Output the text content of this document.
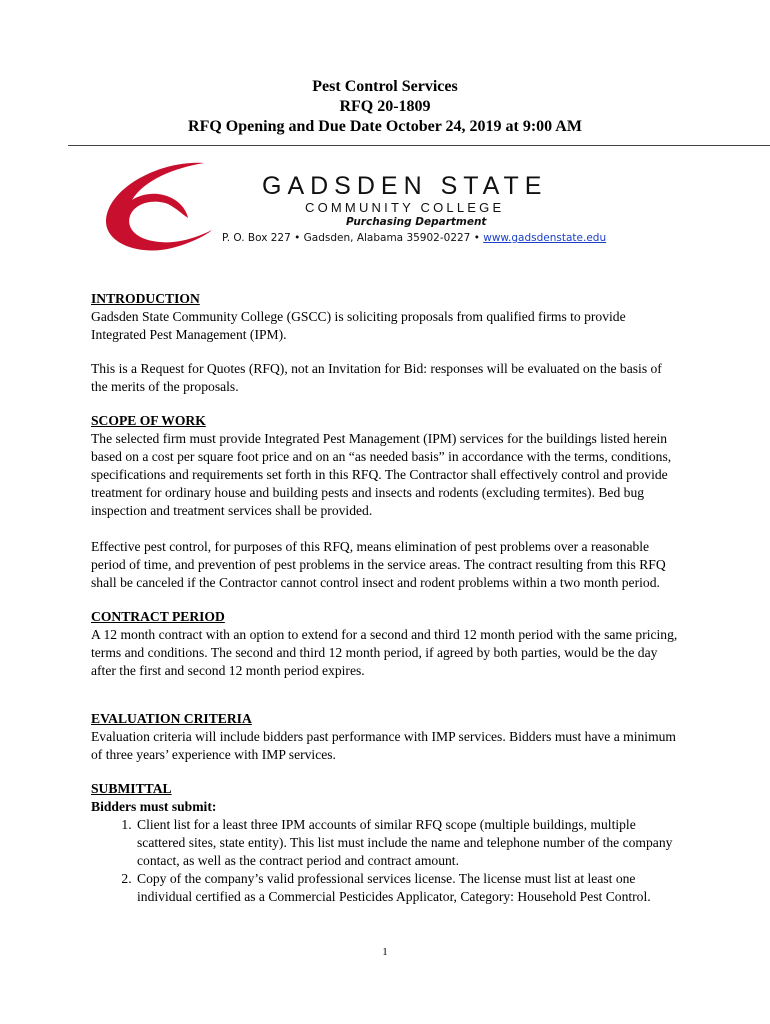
Pest Control Services
RFQ 20-1809
RFQ Opening and Due Date October 24, 2019 at 9:00 AM
GADSDEN STATE
COMMUNITY COLLEGE
Purchasing Department
P. O. Box 227 • Gadsden, Alabama 35902-0227 • www.gadsdenstate.edu
INTRODUCTION

Gadsden State Community College (GSCC) is soliciting proposals from qualified firms to provide Integrated Pest Management (IPM).

This is a Request for Quotes (RFQ), not an Invitation for Bid: responses will be evaluated on the basis of the merits of the proposals.

SCOPE OF WORK

The selected firm must provide Integrated Pest Management (IPM) services for the buildings listed herein based on a cost per square foot price and on an “as needed basis” in accordance with the terms, conditions, specifications and requirements set forth in this RFQ. The Contractor shall effectively control and provide treatment for ordinary house and building pests and insects and rodents (excluding termites). Bed bug inspection and treatment services shall be provided.

Effective pest control, for purposes of this RFQ, means elimination of pest problems over a reasonable period of time, and prevention of pest problems in the service areas. The contract resulting from this RFQ shall be canceled if the Contractor cannot control insect and rodent problems within a two month period.

CONTRACT PERIOD

A 12 month contract with an option to extend for a second and third 12 month period with the same pricing, terms and conditions. The second and third 12 month period, if agreed by both parties, would be the day after the first and second 12 month period expires.

EVALUATION CRITERIA

Evaluation criteria will include bidders past performance with IMP services. Bidders must have a minimum of three years’ experience with IMP services.

SUBMITTAL
Bidders must submit:
1. Client list for a least three IPM accounts of similar RFQ scope (multiple buildings, multiple scattered sites, state entity). This list must include the name and telephone number of the company contact, as well as the contract period and contract amount.
2. Copy of the company’s valid professional services license. The license must list at least one individual certified as a Commercial Pesticides Applicator, Category: Household Pest Control.
1
